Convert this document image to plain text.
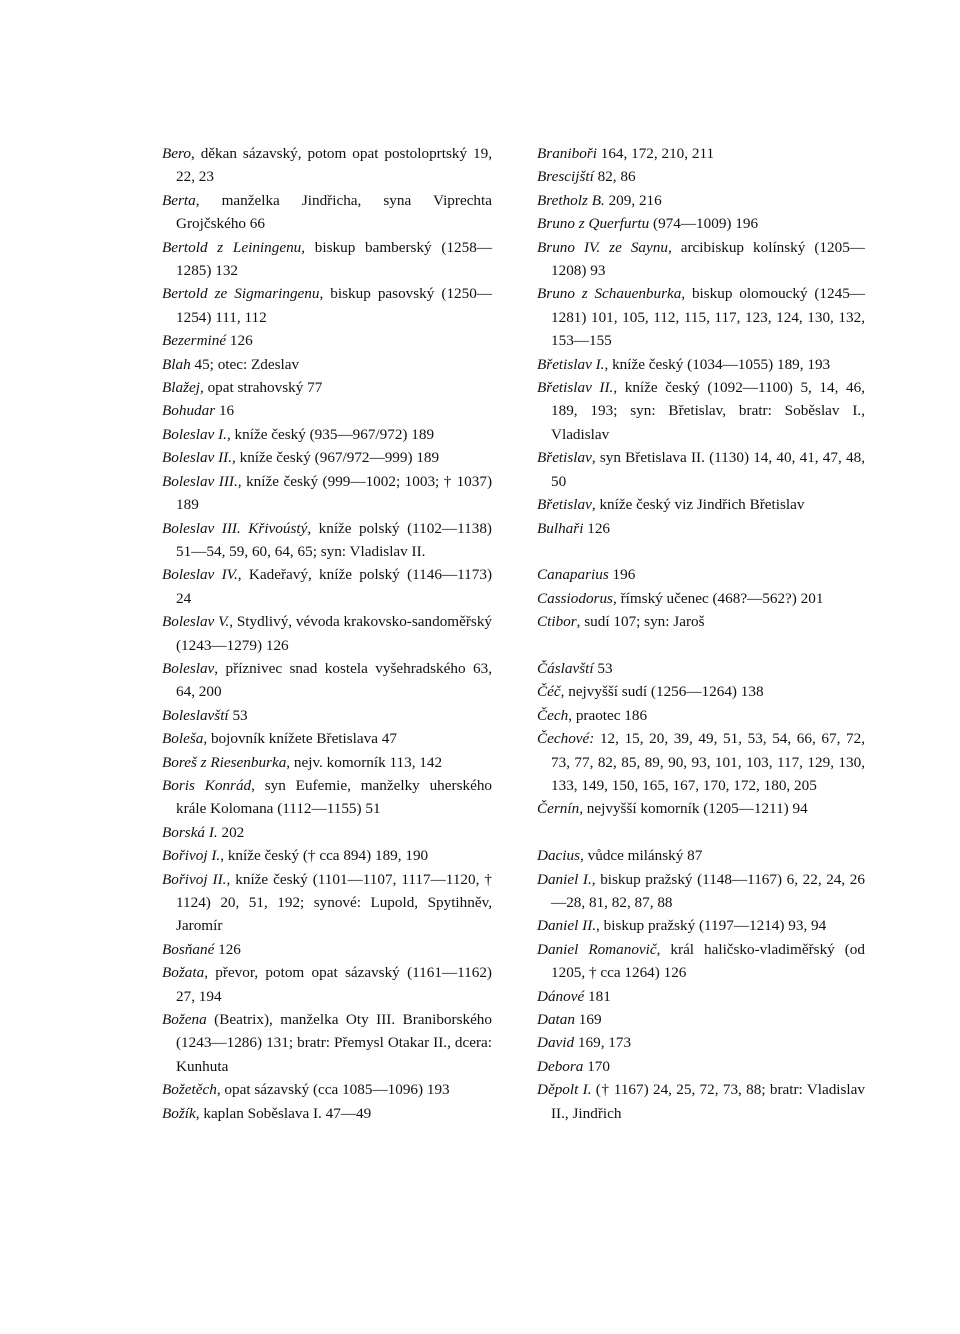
Bero, děkan sázavský, potom opat postoloprtský 19, 22, 23

Berta, manželka Jindřicha, syna Viprechta Grojčského 66

Bertold z Leiningenu, biskup bamberský (1258—1285) 132

Bertold ze Sigmaringenu, biskup pasovský (1250—1254) 111, 112

Bezerminé 126

Blah 45; otec: Zdeslav

Blažej, opat strahovský 77

Bohudar 16

Boleslav I., kníže český (935—967/972) 189

Boleslav II., kníže český (967/972—999) 189

Boleslav III., kníže český (999—1002; 1003; † 1037) 189

Boleslav III. Křivoústý, kníže polský (1102—1138) 51—54, 59, 60, 64, 65; syn: Vladislav II.

Boleslav IV., Kadeřavý, kníže polský (1146—1173) 24

Boleslav V., Stydlivý, vévoda krakovsko-sandoměřský (1243—1279) 126

Boleslav, příznivec snad kostela vyšehradského 63, 64, 200

Boleslavští 53

Boleša, bojovník knížete Břetislava 47

Boreš z Riesenburka, nejv. komorník 113, 142

Boris Konrád, syn Eufemie, manželky uherského krále Kolomana (1112—1155) 51

Borská I. 202

Bořivoj I., kníže český († cca 894) 189, 190

Bořivoj II., kníže český (1101—1107, 1117—1120, † 1124) 20, 51, 192; synové: Lupold, Spytihněv, Jaromír

Bosňané 126

Božata, převor, potom opat sázavský (1161—1162) 27, 194

Božena (Beatrix), manželka Oty III. Braniborského (1243—1286) 131; bratr: Přemysl Otakar II., dcera: Kunhuta

Božetěch, opat sázavský (cca 1085—1096) 193

Božík, kaplan Soběslava I. 47—49

Braniboři 164, 172, 210, 211

Brescijští 82, 86

Bretholz B. 209, 216

Bruno z Querfurtu (974—1009) 196

Bruno IV. ze Saynu, arcibiskup kolínský (1205—1208) 93

Bruno z Schauenburka, biskup olomoucký (1245—1281) 101, 105, 112, 115, 117, 123, 124, 130, 132, 153—155

Břetislav I., kníže český (1034—1055) 189, 193

Břetislav II., kníže český (1092—1100) 5, 14, 46, 189, 193; syn: Břetislav, bratr: Soběslav I., Vladislav

Břetislav, syn Břetislava II. (1130) 14, 40, 41, 47, 48, 50

Břetislav, kníže český viz Jindřich Břetislav

Bulhaři 126

Canaparius 196

Cassiodorus, římský učenec (468?—562?) 201

Ctibor, sudí 107; syn: Jaroš

Čáslavští 53

Čéč, nejvyšší sudí (1256—1264) 138

Čech, praotec 186

Čechové: 12, 15, 20, 39, 49, 51, 53, 54, 66, 67, 72, 73, 77, 82, 85, 89, 90, 93, 101, 103, 117, 129, 130, 133, 149, 150, 165, 167, 170, 172, 180, 205

Černín, nejvyšší komorník (1205—1211) 94

Dacius, vůdce milánský 87

Daniel I., biskup pražský (1148—1167) 6, 22, 24, 26—28, 81, 82, 87, 88

Daniel II., biskup pražský (1197—1214) 93, 94

Daniel Romanovič, král haličsko-vladiměřský (od 1205, † cca 1264) 126

Dánové 181

Datan 169

David 169, 173

Debora 170

Děpolt I. († 1167) 24, 25, 72, 73, 88; bratr: Vladislav II., Jindřich
